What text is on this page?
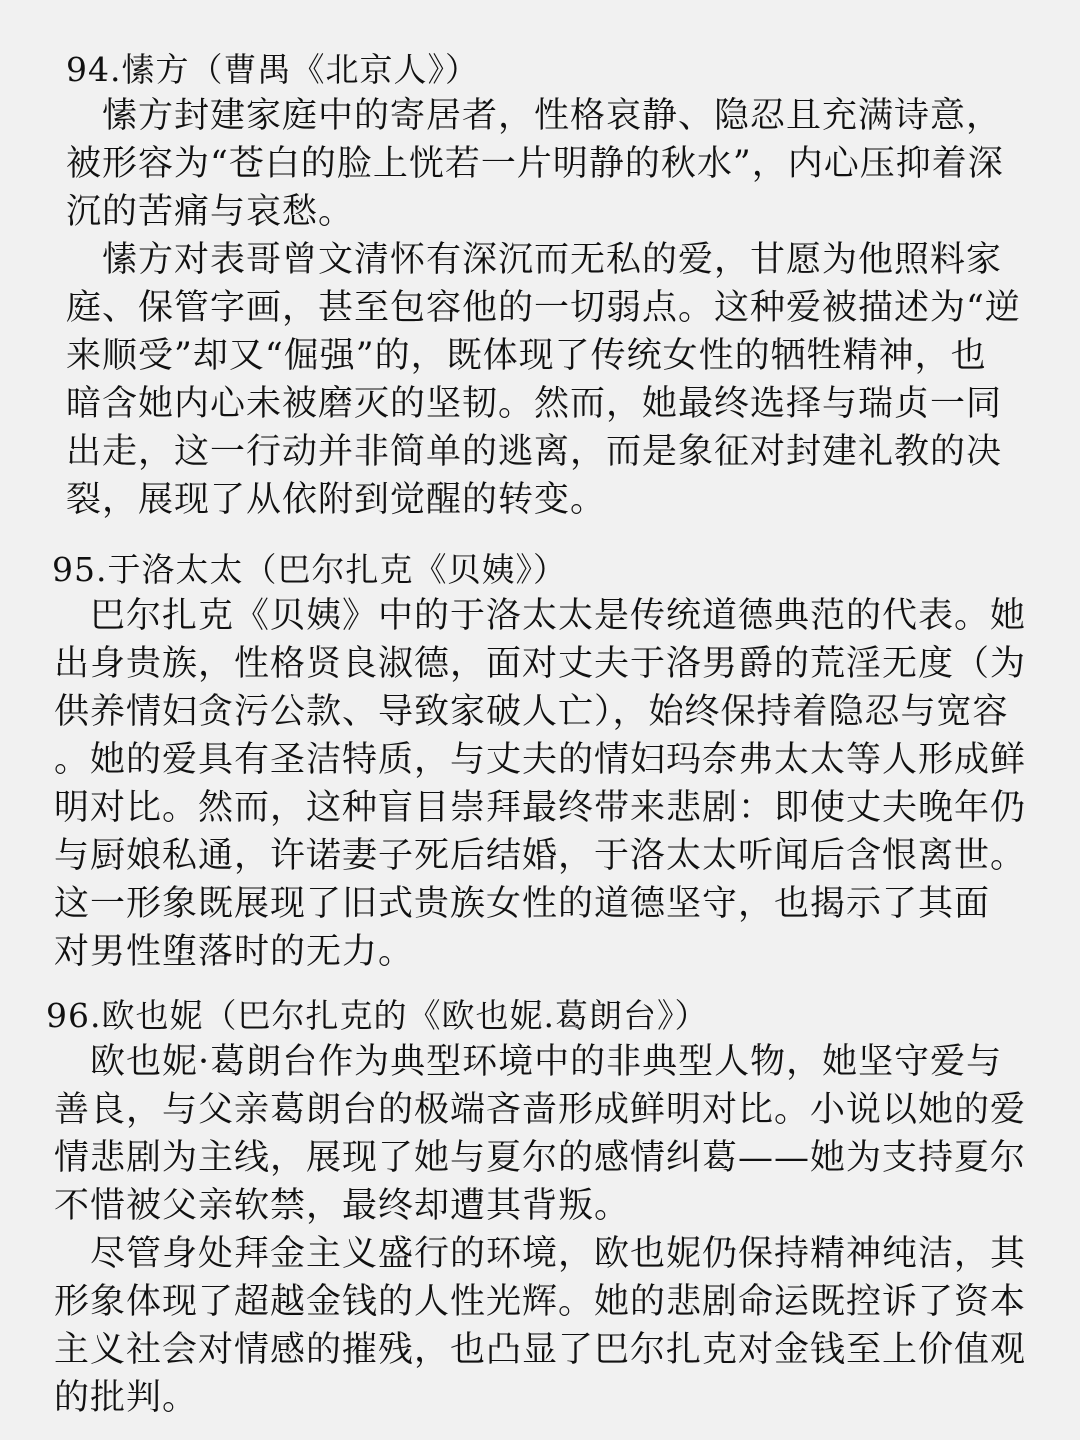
94.愫方（曹禺《北京人》）
　愫方封建家庭中的寄居者，性格哀静、隐忍且充满诗意，
被形容为“苍白的脸上恍若一片明静的秋水”，内心压抑着深
沉的苦痛与哀愁。
　愫方对表哥曾文清怀有深沉而无私的爱，甘愿为他照料家
庭、保管字画，甚至包容他的一切弱点。这种爱被描述为“逆
来顺受”却又“倔强”的，既体现了传统女性的牺牲精神，也
暗含她内心未被磨灭的坚韧。然而，她最终选择与瑞贞一同
出走，这一行动并非简单的逃离，而是象征对封建礼教的决
裂，展现了从依附到觉醒的转变。
95.于洛太太（巴尔扎克《贝姨》）
　巴尔扎克《贝姨》中的于洛太太是传统道德典范的代表。她
出身贵族，性格贤良淑德，面对丈夫于洛男爵的荒淫无度（为
供养情妇贪污公款、导致家破人亡），始终保持着隐忍与宽容
。她的爱具有圣洁特质，与丈夫的情妇玛奈弗太太等人形成鲜
明对比。然而，这种盲目崇拜最终带来悲剧：即使丈夫晚年仍
与厨娘私通，许诺妻子死后结婚，于洛太太听闻后含恨离世。
这一形象既展现了旧式贵族女性的道德坚守，也揭示了其面
对男性堕落时的无力。
96.欧也妮（巴尔扎克的《欧也妮.葛朗台》）
　欧也妮·葛朗台作为典型环境中的非典型人物，她坚守爱与
善良，与父亲葛朗台的极端吝啬形成鲜明对比。小说以她的爱
情悲剧为主线，展现了她与夏尔的感情纠葛——她为支持夏尔
不惜被父亲软禁，最终却遭其背叛。
　尽管身处拜金主义盛行的环境，欧也妮仍保持精神纯洁，其
形象体现了超越金钱的人性光辉。她的悲剧命运既控诉了资本
主义社会对情感的摧残，也凸显了巴尔扎克对金钱至上价值观
的批判。
